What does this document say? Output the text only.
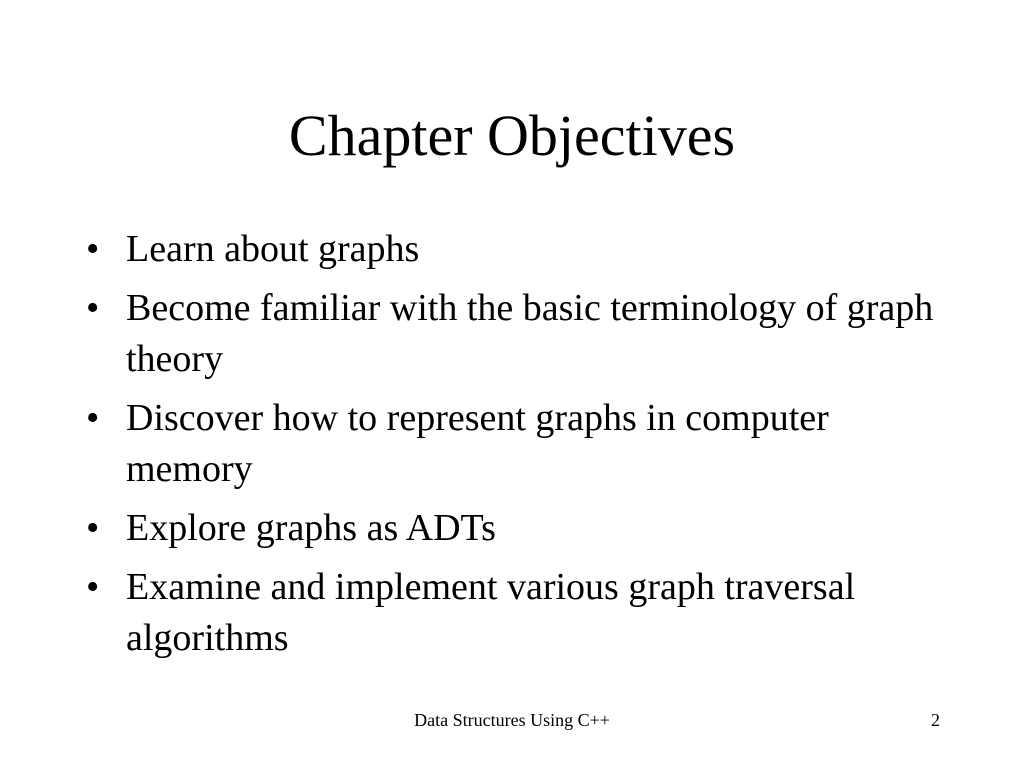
Chapter Objectives
• Learn about graphs
• Become familiar with the basic terminology of graph theory
• Discover how to represent graphs in computer memory
• Explore graphs as ADTs
• Examine and implement various graph traversal algorithms
Data Structures Using C++	2
